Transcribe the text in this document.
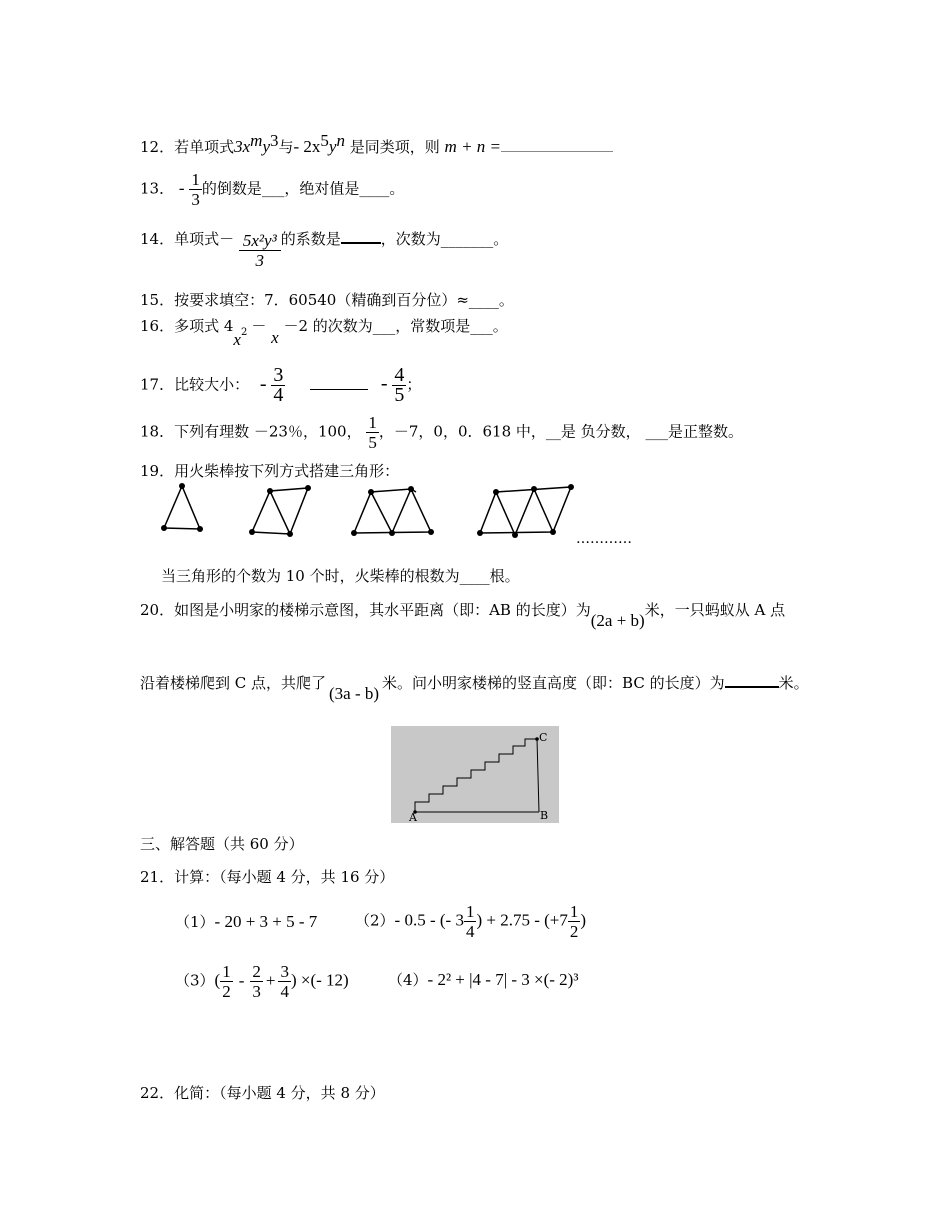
12．若单项式$3x^my^3$与- $2x^5y^n$ 是同类项，则 m + n =
13． - $\frac{1}{3}$ 的倒数是___，绝对值是____。
14．单项式－ $\frac{\text{5x²y³}}{3}$ 的系数是	，次数为_______。
15．按要求填空：7．60540（精确到百分位）≈____。
16．多项式 $4x^2 - x -2$ 的次数为___，常数项是___。
17．比较大小： - $\frac{3}{4}$	- $\frac{4}{5}$ ；
18．下列有理数 －23％，100， $\frac{1}{5}$ ，－7，0，0．618 中，__是 负分数， ___是正整数。
19．用火柴棒按下列方式搭建三角形：
…………
当三角形的个数为 10 个时，火柴棒的根数为____根。
20．如图是小明家的楼梯示意图，其水平距离（即：AB 的长度）为(2a + b)米，一只蚂蚁从 A 点
沿着楼梯爬到 C 点，共爬了(3a - b)米。问小明家楼梯的竖直高度（即：BC 的长度）为	米。
A	B
C
三、解答题（共 60 分）
21．计算：（每小题 4 分，共 16 分）
（1）- 20 + 3 + 5 - 7	（2）- 0.5 - (- $3 \frac{1}{4}$ ) + $2.75 - (+7 \frac{1}{2}$ )
$(3)( \frac{1}{2} - \frac{2}{3} + \frac{3}{4}$ ) ×(- 12)	（4）- 2² + |4 - 7| - 3 ×(- 2)³
22．化简：（每小题 4 分，共 8 分）
